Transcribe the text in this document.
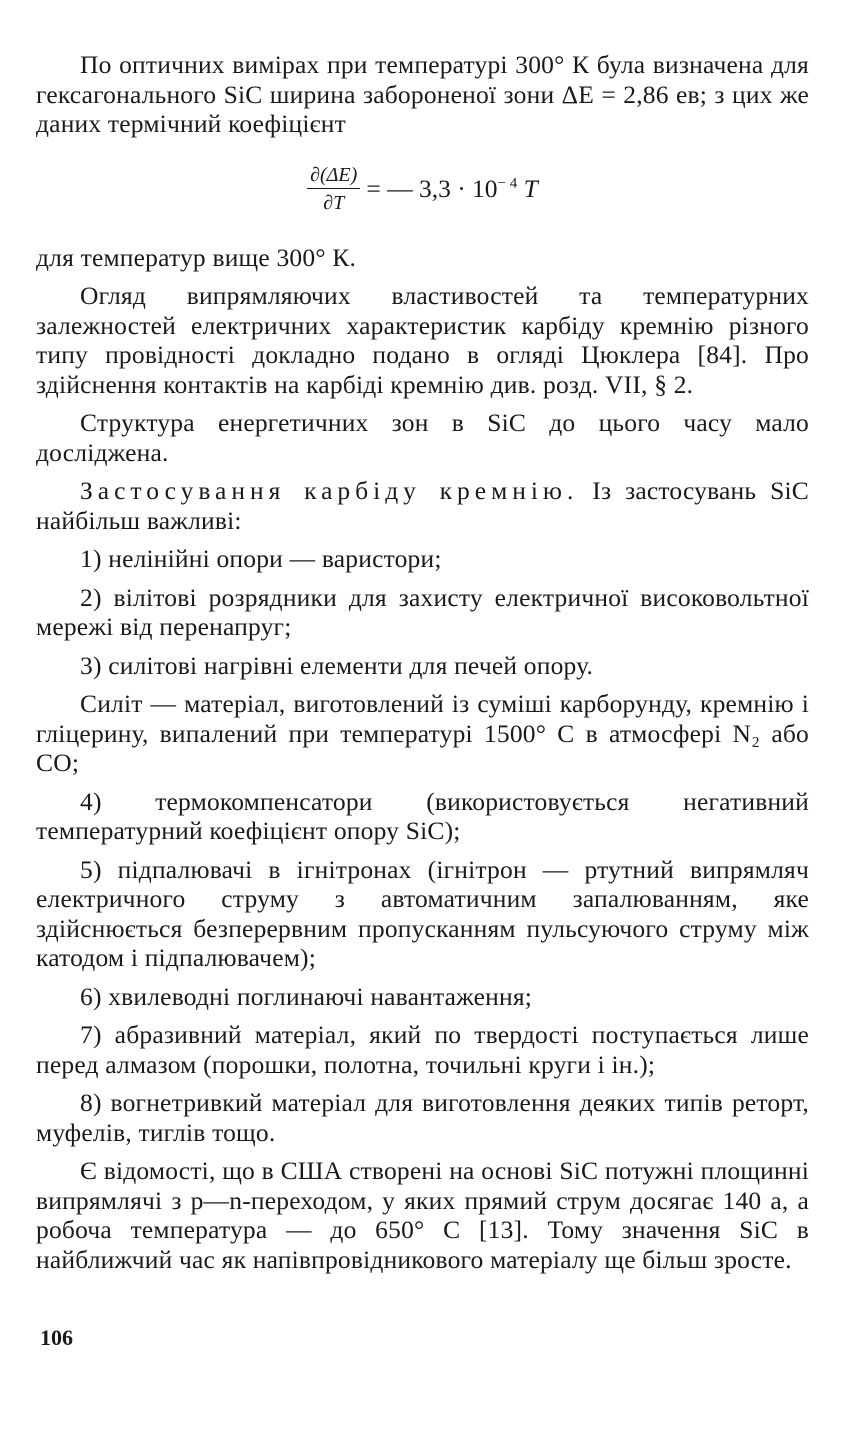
По оптичних вимірах при температурі 300° К була визначена для гексагонального SiC ширина забороненої зони ΔE = 2,86 ев; з цих же даних термічний коефіцієнт

$\frac{\partial(\Delta E)}{\partial T}$ = — $3,3 \cdot 10^{- 4}$ T

для температур вище 300° К.

Огляд випрямляючих властивостей та температурних залежностей електричних характеристик карбіду кремнію різного типу провідності докладно подано в огляді Цюклера [84]. Про здійснення контактів на карбіді кремнію див. розд. VII, § 2.

Структура енергетичних зон в SiC до цього часу мало досліджена.

Застосування карбіду кремнію. Із застосувань SiC найбільш важливі:

1) нелінійні опори — варистори;

2) вілітові розрядники для захисту електричної високовольтної мережі від перенапруг;

3) силітові нагрівні елементи для печей опору.

Силіт — матеріал, виготовлений із суміші карборунду, кремнію і гліцерину, випалений при температурі 1500° С в атмосфері N₂ або CO;

4) термокомпенсатори (використовується негативний температурний коефіцієнт опору SiC);

5) підпалювачі в ігнітронах (ігнітрон — ртутний випрямляч електричного струму з автоматичним запалюванням, яке здійснюється безперервним пропусканням пульсуючого струму між катодом і підпалювачем);

6) хвилеводні поглинаючі навантаження;

7) абразивний матеріал, який по твердості поступається лише перед алмазом (порошки, полотна, точильні круги і ін.);

8) вогнетривкий матеріал для виготовлення деяких типів реторт, муфелів, тиглів тощо.

Є відомості, що в США створені на основі SiC потужні площинні випрямлячі з p—n-переходом, у яких прямий струм досягає 140 а, а робоча температура — до 650° С [13]. Тому значення SiC в найближчий час як напівпровідникового матеріалу ще більш зросте.

106
